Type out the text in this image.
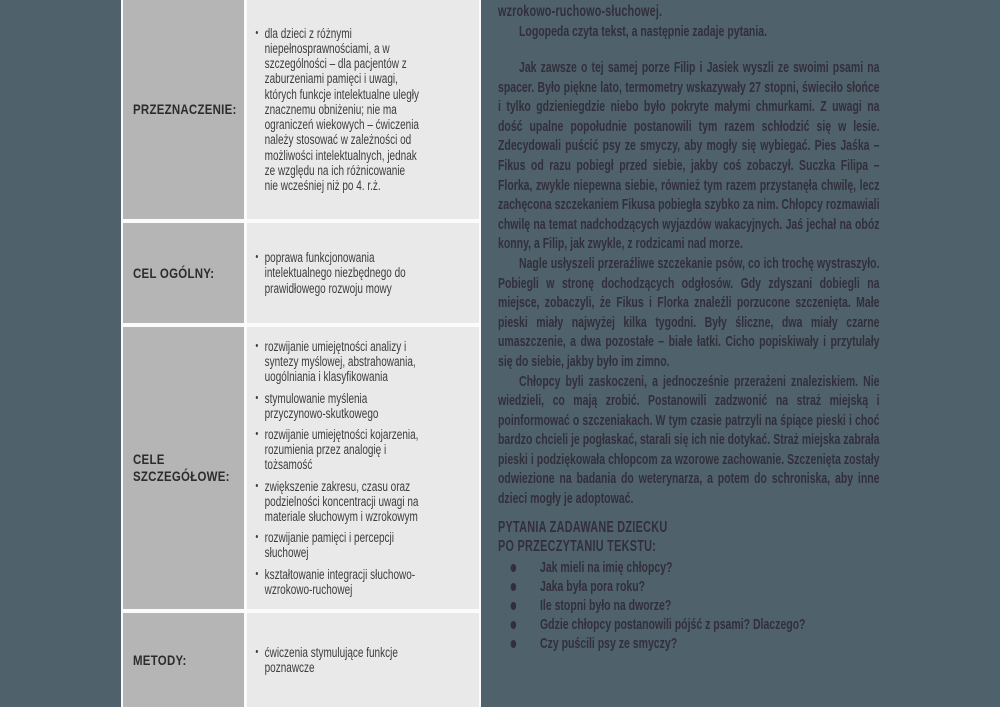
PRZEZNACZENIE:
dla dzieci z różnymi niepełnosprawnościami, a w szczególności – dla pacjentów z zaburzeniami pamięci i uwagi, których funkcje intelektualne uległy znacznemu obniżeniu; nie ma ograniczeń wiekowych – ćwiczenia należy stosować w zależności od możliwości intelektualnych, jednak ze względu na ich różnicowanie nie wcześniej niż po 4. r.ż.
CEL OGÓLNY:
poprawa funkcjonowania intelektualnego niezbędnego do prawidłowego rozwoju mowy
CELE SZCZEGÓŁOWE:
rozwijanie umiejętności analizy i syntezy myślowej, abstrahowania, uogólniania i klasyfikowania
stymulowanie myślenia przyczynowo-skutkowego
rozwijanie umiejętności kojarzenia, rozumienia przez analogię i tożsamość
zwiększenie zakresu, czasu oraz podzielności koncentracji uwagi na materiale słuchowym i wzrokowym
rozwijanie pamięci i percepcji słuchowej
kształtowanie integracji słuchowo-wzrokowo-ruchowej
METODY:	ćwiczenia stymulujące funkcje poznawcze
wzrokowo-ruchowo-słuchowej.
Logopeda czyta tekst, a następnie zadaje pytania.

Jak zawsze o tej samej porze Filip i Jasiek wyszli ze swoimi psami na spacer. Było piękne lato, termometry wskazywały 27 stopni, świeciło słońce i tylko gdzieniegdzie niebo było pokryte małymi chmurkami. Z uwagi na dość upalne popołudnie postanowili tym razem schłodzić się w lesie. Zdecydowali puścić psy ze smyczy, aby mogły się wybiegać. Pies Jaśka – Fikus od razu pobiegł przed siebie, jakby coś zobaczył. Suczka Filipa – Florka, zwykle niepewna siebie, również tym razem przystanęła chwilę, lecz zachęcona szczekaniem Fikusa pobiegła szybko za nim. Chłopcy rozmawiali chwilę na temat nadchodzących wyjazdów wakacyjnych. Jaś jechał na obóz konny, a Filip, jak zwykle, z rodzicami nad morze.

Nagle usłyszeli przeraźliwe szczekanie psów, co ich trochę wystraszyło. Pobiegli w stronę dochodzących odgłosów. Gdy zdyszani dobiegli na miejsce, zobaczyli, że Fikus i Florka znaleźli porzucone szczenięta. Małe pieski miały najwyżej kilka tygodni. Były śliczne, dwa miały czarne umaszczenie, a dwa pozostałe – białe łatki. Cicho popiskiwały i przytulały się do siebie, jakby było im zimno.

Chłopcy byli zaskoczeni, a jednocześnie przerażeni znaleziskiem. Nie wiedzieli, co mają zrobić. Postanowili zadzwonić na straż miejską i poinformować o szczeniakach. W tym czasie patrzyli na śpiące pieski i choć bardzo chcieli je pogłaskać, starali się ich nie dotykać. Straż miejska zabrała pieski i podziękowała chłopcom za wzorowe zachowanie. Szczenięta zostały odwiezione na badania do weterynarza, a potem do schroniska, aby inne dzieci mogły je adoptować.

PYTANIA ZADAWANE DZIECKU
PO PRZECZYTANIU TEKSTU:
Jak mieli na imię chłopcy?
Jaka była pora roku?
Ile stopni było na dworze?
Gdzie chłopcy postanowili pójść z psami? Dlaczego?
Czy puścili psy ze smyczy?
